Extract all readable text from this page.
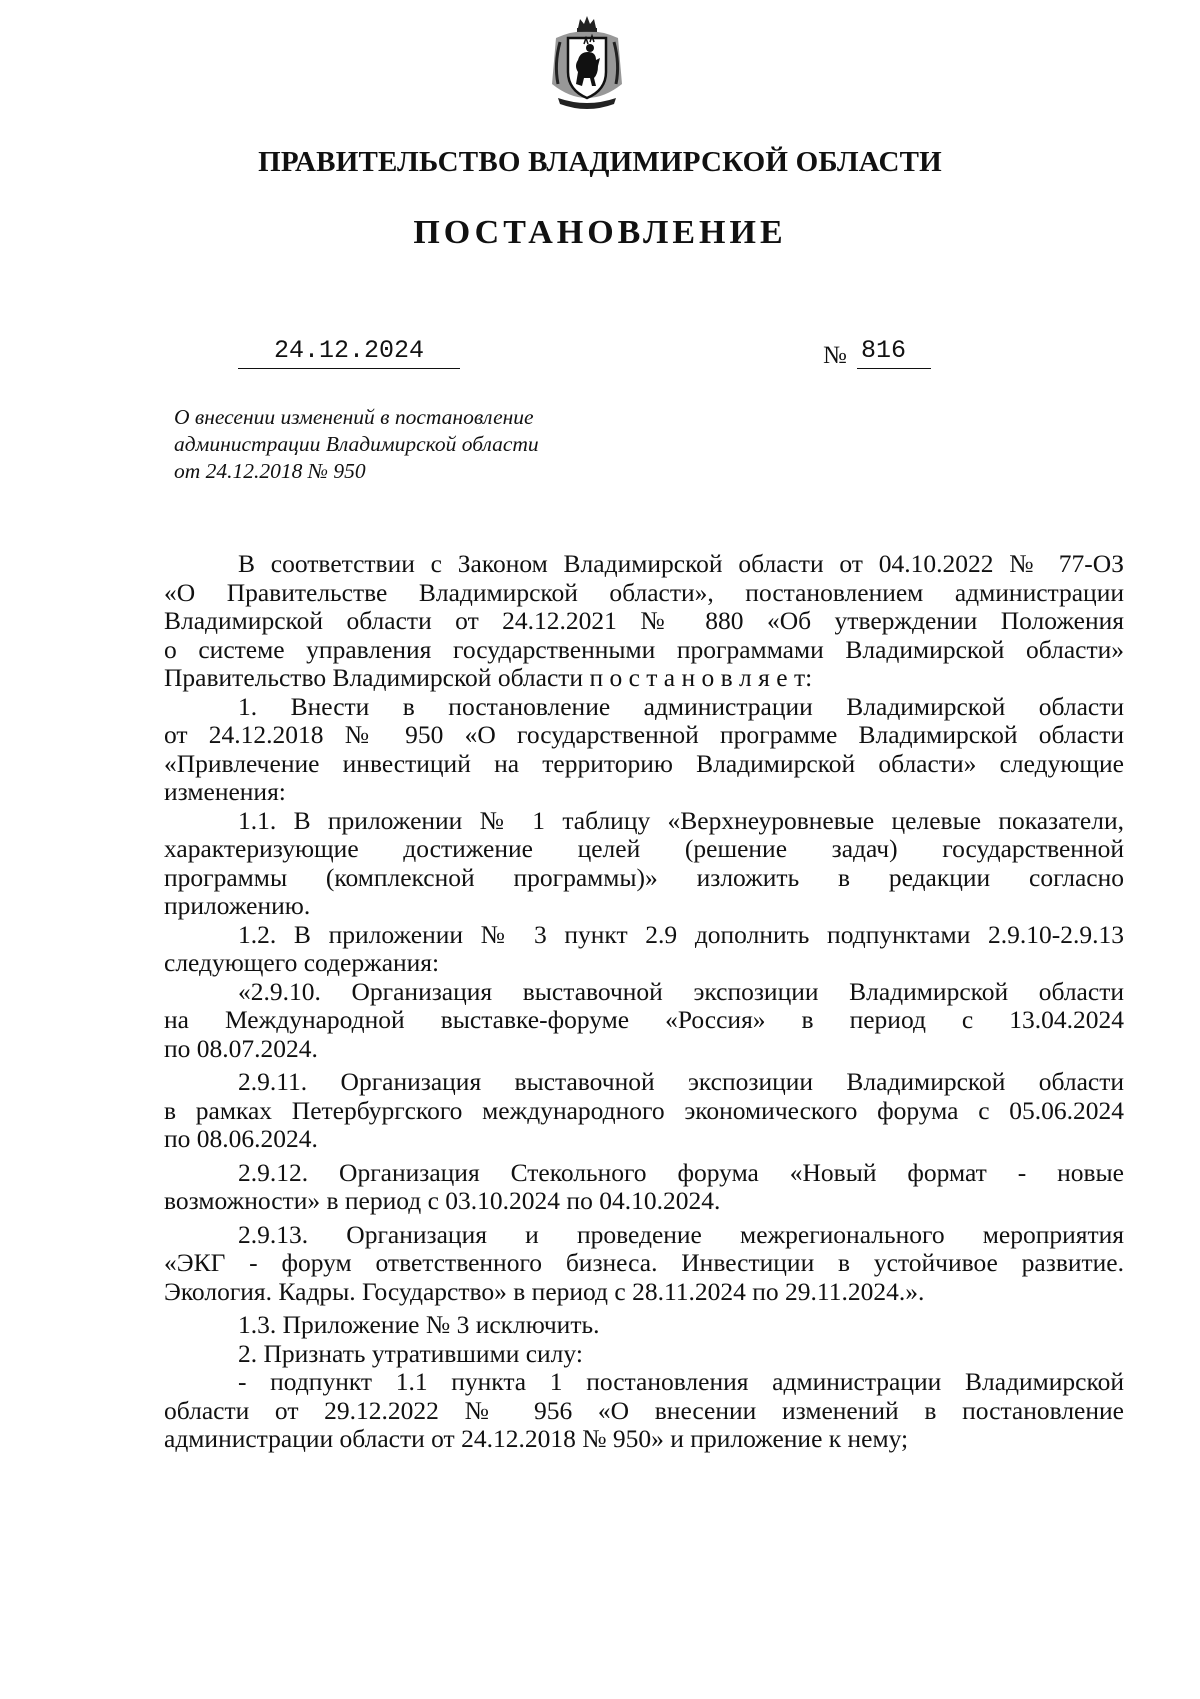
ПРАВИТЕЛЬСТВО ВЛАДИМИРСКОЙ ОБЛАСТИ
ПОСТАНОВЛЕНИЕ
24.12.2024	№ 816
О внесении изменений в постановление
администрации Владимирской области
от 24.12.2018 № 950
В соответствии с Законом Владимирской области от 04.10.2022 № 77-ОЗ
«О Правительстве Владимирской области», постановлением администрации
Владимирской области от 24.12.2021 № 880 «Об утверждении Положения
о системе управления государственными программами Владимирской области»
Правительство Владимирской области п о с т а н о в л я е т:
1. Внести в постановление администрации Владимирской области
от 24.12.2018 № 950 «О государственной программе Владимирской области
«Привлечение инвестиций на территорию Владимирской области» следующие
изменения:
1.1. В приложении № 1 таблицу «Верхнеуровневые целевые показатели,
характеризующие достижение целей (решение задач) государственной
программы (комплексной программы)» изложить в редакции согласно
приложению.
1.2. В приложении № 3 пункт 2.9 дополнить подпунктами 2.9.10-2.9.13
следующего содержания:
«2.9.10. Организация выставочной экспозиции Владимирской области
на Международной выставке-форуме «Россия» в период с 13.04.2024
по 08.07.2024.
2.9.11. Организация выставочной экспозиции Владимирской области
в рамках Петербургского международного экономического форума с 05.06.2024
по 08.06.2024.
2.9.12. Организация Стекольного форума «Новый формат - новые
возможности» в период с 03.10.2024 по 04.10.2024.
2.9.13. Организация и проведение межрегионального мероприятия
«ЭКГ - форум ответственного бизнеса. Инвестиции в устойчивое развитие.
Экология. Кадры. Государство» в период с 28.11.2024 по 29.11.2024.».
1.3. Приложение № 3 исключить.
2. Признать утратившими силу:
- подпункт 1.1 пункта 1 постановления администрации Владимирской
области от 29.12.2022 № 956 «О внесении изменений в постановление
администрации области от 24.12.2018 № 950» и приложение к нему;
